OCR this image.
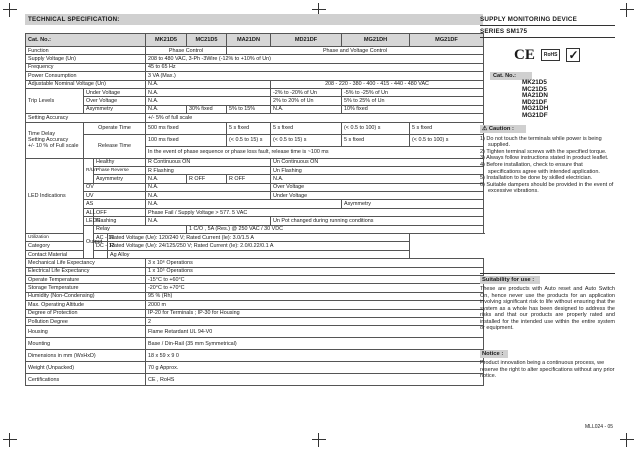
TECHNICAL SPECIFICATION:
Cat. No.:				MK21D5	MC21D5	MA21DN	MD21DF	MG21DH	MG21DF
Function				Phase Control		Phase and Voltage Control			
Supply Voltage (Un)				208 to 480 VAC, 3-Ph -3Wire (-12% to +10% of Un)					
Frequency				45 to 65 Hz					
Power Consumption				3 VA (Max.)					
Adjustable Nominal Voltage (Un)				N.A.			208 - 220 - 380 - 400 - 415 - 440 - 480 VAC		
Trip Levels	Under Voltage			N.A.			-2% to -20% of Un	-5% to -25% of Un	
	Over Voltage			N.A.			2% to 20% of Un	5% to 25% of Un	
	Asymmetry			N.A.	30% fixed	5% to 15%	N.A.	10% fixed	
Setting Accuracy				+/- 5% of full scale					

Time Delay
Setting Accuracy
+/- 10 % of Full scale	Operate Time			500 ms fixed		5 s fixed	5 s fixed	(< 0.5 to 100) s	5 s fixed
	Release Time			100 ms fixed		(< 0.5 to 15) s	(< 0.5 to 15) s	5 s fixed	(< 0.5 to 100) s
				In the event of phase sequence or phase loss fault, release time is ~100 ms					
LED Indications	R/Un	Healthy		R Continuous ON			Un Continuous ON		
		Phase Reverse		R Flashing			Un Flashing		
		Asymmetry		N.A.	R OFF	R OFF	N.A.		
	OV			N.A.			Over Voltage		
	UV			N.A.			Under Voltage		
	AS			N.A.				Asymmetry	
	ALL	OFF		Phase Fail / Supply Voltage > 577. 5 VAC					
	LEDS	Flashing		N.A.			Un Pot changed during running conditions		
	Output	Relay			1 C/O , 5A (Res.) @ 250 VAC / 30 VDC				
Utilization		AC - 15	Rated Voltage (Ue): 120/240 V; Rated Current (Ie): 3.0/1.5 A						
Category		DC - 13	Rated Voltage (Ue): 24/125/250 V; Rated Current (Ie): 2.0/0.22/0.1 A						
Contact Material			Ag Alloy						
Mechanical Life Expectancy				3 x 10⁶ Operations					
Electrical Life Expectancy				1 x 10⁵ Operations					
Operate Temperature				-15°C to +60°C					
Storage Temperature				-20°C to +70°C					
Humidity (Non-Condensing)				95 % (Rh)					
Max. Operating Altitude				2000 m					
Degree of Protection				IP-20 for Terminals ; IP-30 for Housing					
Pollution Degree				2					
Housing				Flame Retardant UL 94-V0					
Mounting				Base / Din-Rail (35 mm Symmetrical)					
Dimensions in mm (WxHxD)				18 x 59 x 9 0					
Weight (Unpacked)				70 g Approx.					
Certifications				CE , RoHS					
SUPPLY MONITORING DEVICE
SERIES SM175
CE	RoHS ✓
Cat. No.:
MK21D5
MC21D5
MA21DN
MD21DF
MG21DH
MG21DF
⚠ Caution :
1) Do not touch the terminals while power is being supplied.
2) Tighten terminal screws with the specified torque.
3) Always follow instructions stated in product leaflet.
4) Before installation, check to ensure that specifications agree with intended application.
5) Installation to be done by skilled electrician.
6) Suitable dampers should be provided in the event of excessive vibrations.
Suitability for use :
These are products with Auto reset and Auto Switch On, hence never use the products for an application involving significant risk to life without ensuring that the system as a whole has been designed to address the risks and that our products are properly rated and installed for the intended use within the entire system or equipment.
Notice :
Product innovation being a continuous process, we reserve the right to alter specifications without any prior notice.
MLL024 - 05
